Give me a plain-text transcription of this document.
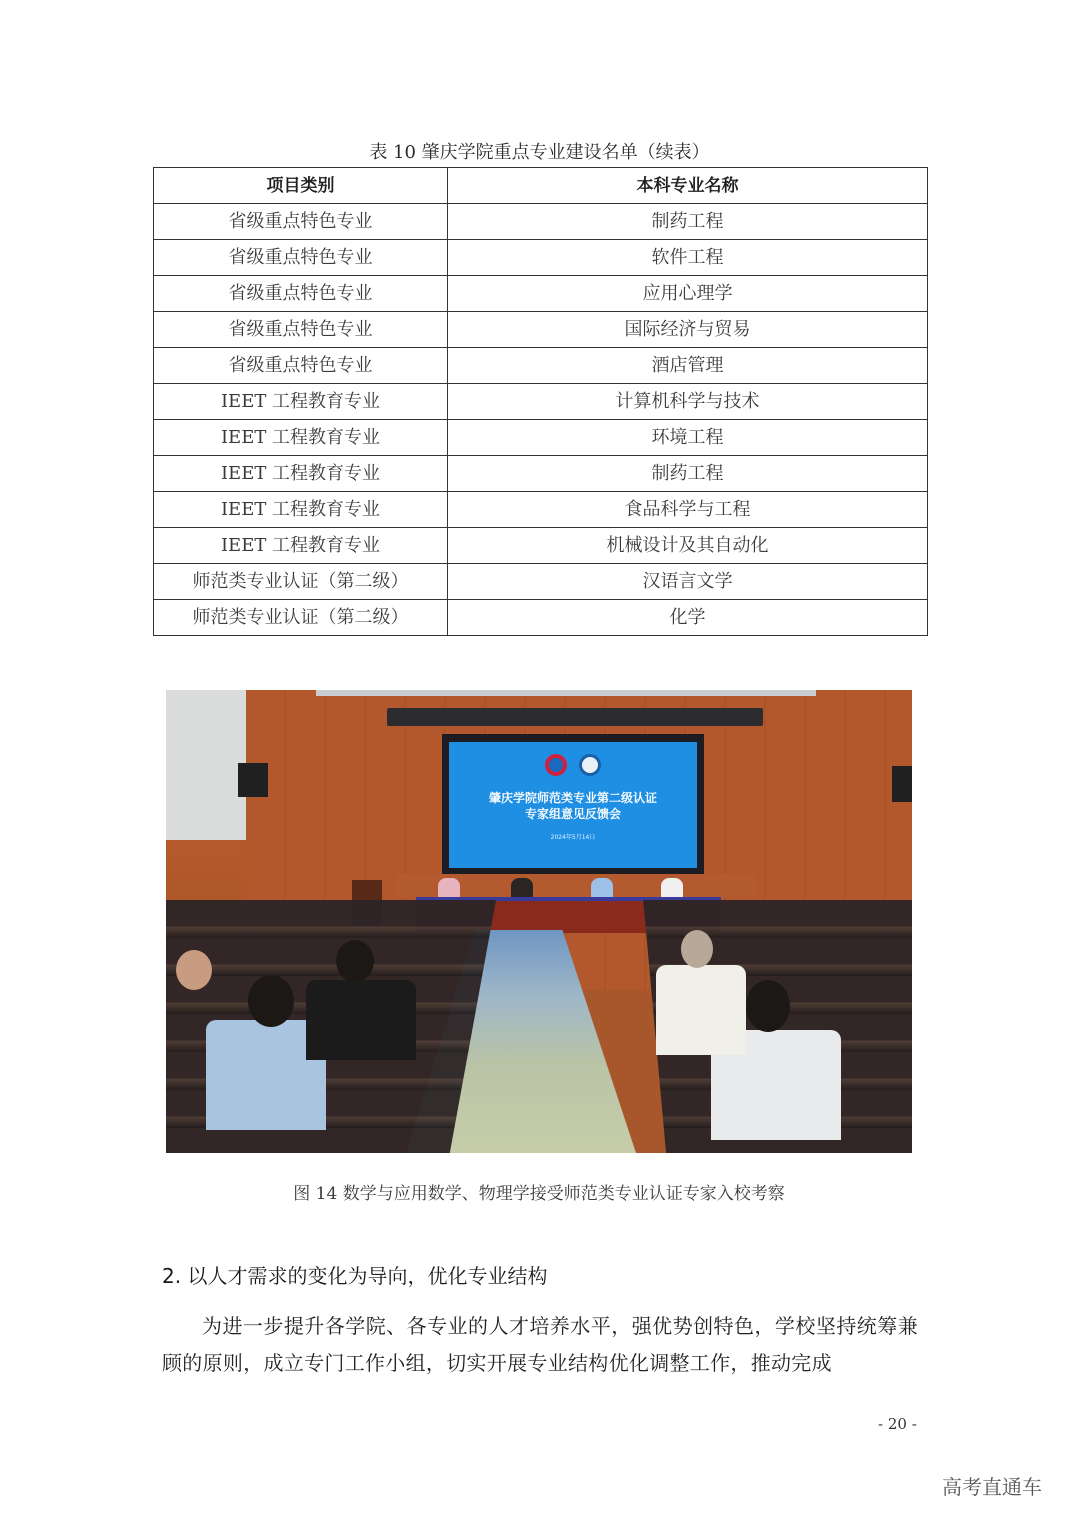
表 10 肇庆学院重点专业建设名单（续表）
项目类别	本科专业名称
省级重点特色专业	制药工程
省级重点特色专业	软件工程
省级重点特色专业	应用心理学
省级重点特色专业	国际经济与贸易
省级重点特色专业	酒店管理
IEET 工程教育专业	计算机科学与技术
IEET 工程教育专业	环境工程
IEET 工程教育专业	制药工程
IEET 工程教育专业	食品科学与工程
IEET 工程教育专业	机械设计及其自动化
师范类专业认证（第二级）	汉语言文学
师范类专业认证（第二级）	化学
肇庆学院师范类专业第二级认证
专家组意见反馈会
2024年5月14日
图 14 数学与应用数学、物理学接受师范类专业认证专家入校考察
2. 以人才需求的变化为导向，优化专业结构

为进一步提升各学院、各专业的人才培养水平，强优势创特色，学校坚持统筹兼顾的原则，成立专门工作小组，切实开展专业结构优化调整工作，推动完成

- 20 -
高考直通车
